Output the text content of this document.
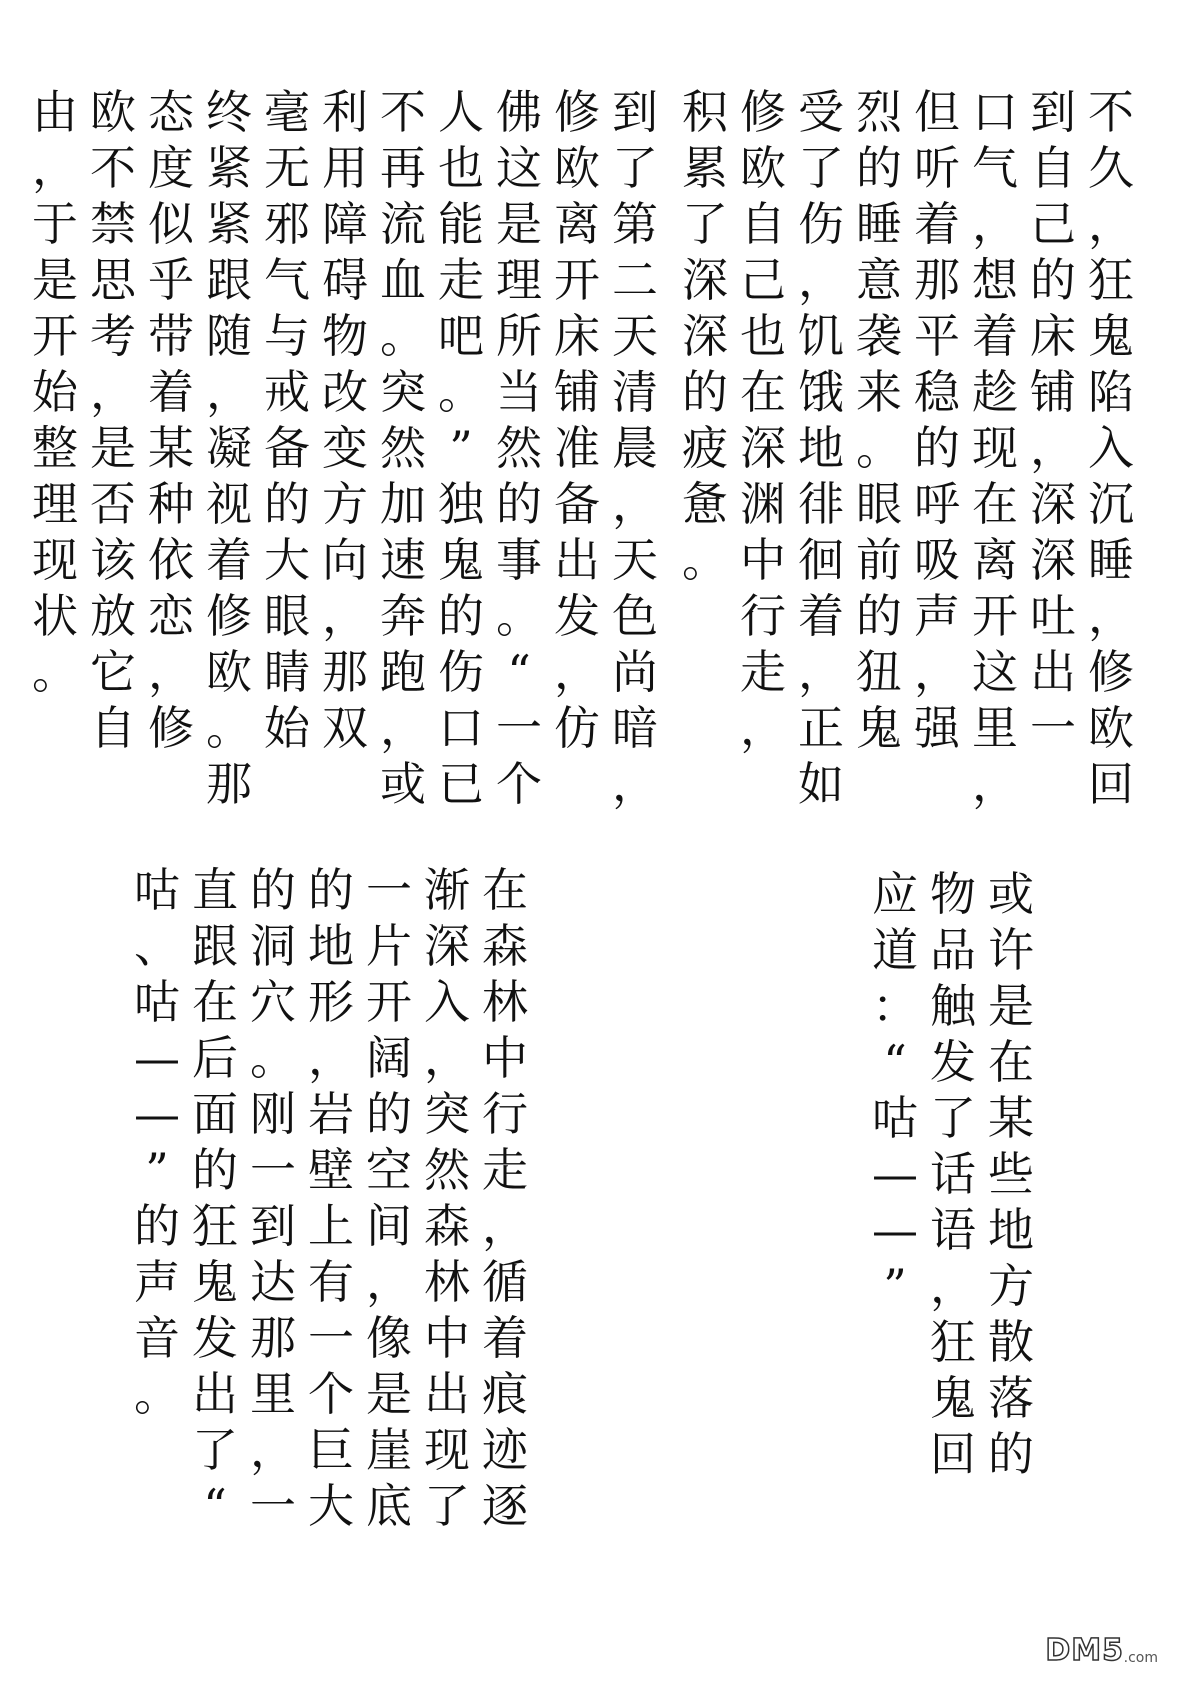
不
久
，
狂
鬼
陷
入
沉
睡
，
修
欧
回
到
自
己
的
床
铺
，
深
深
吐
出
一
口
气
，
想
着
趁
现
在
离
开
这
里
，
但
听
着
那
平
稳
的
呼
吸
声
，
强
烈
的
睡
意
袭
来
。
眼
前
的
狃
鬼
受
了
伤
，
饥
饿
地
徘
徊
着
，
正
如
修
欧
自
己
也
在
深
渊
中
行
走
，
积
累
了
深
深
的
疲
惫
。
到
了
第
二
天
清
晨
，
天
色
尚
暗
，
修
欧
离
开
床
铺
准
备
出
发
，
仿
佛
这
是
理
所
当
然
的
事
。
“
一
个
人
也
能
走
吧
。
”
独
鬼
的
伤
口
已
不
再
流
血
。
突
然
加
速
奔
跑
，
或
利
用
障
碍
物
改
变
方
向
，
那
双
毫
无
邪
气
与
戒
备
的
大
眼
睛
始
终
紧
紧
跟
随
，
凝
视
着
修
欧
。
那
态
度
似
乎
带
着
某
种
依
恋
，
修
欧
不
禁
思
考
，
是
否
该
放
它
自
由
，
于
是
开
始
整
理
现
状
。
或
许
是
在
某
些
地
方
散
落
的
物
品
触
发
了
话
语
，
狂
鬼
回
应
道
：
“
咕
—
—
”
在
森
林
中
行
走
，
循
着
痕
迹
逐
渐
深
入
，
突
然
森
林
中
出
现
了
一
片
开
阔
的
空
间
，
像
是
崖
底
的
地
形
，
岩
壁
上
有
一
个
巨
大
的
洞
穴
。
刚
一
到
达
那
里
，
一
直
跟
在
后
面
的
狂
鬼
发
出
了
“
咕
、
咕
—
—
”
的
声
音
。
DM5 .com
